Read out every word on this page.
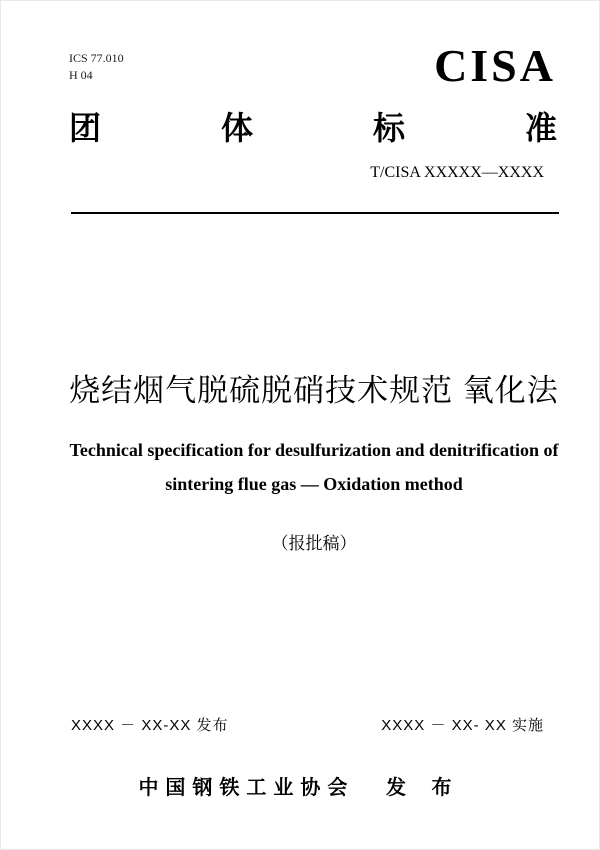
ICS 77.010
H 04	CISA
团	体	标	准
T/CISA XXXXX—XXXX
烧结烟气脱硫脱硝技术规范 氧化法
Technical specification for desulfurization and denitrification of
sintering flue gas — Oxidation method
（报批稿）
XXXX － XX-XX 发布	XXXX － XX- XX 实施
中国钢铁工业协会 发 布
